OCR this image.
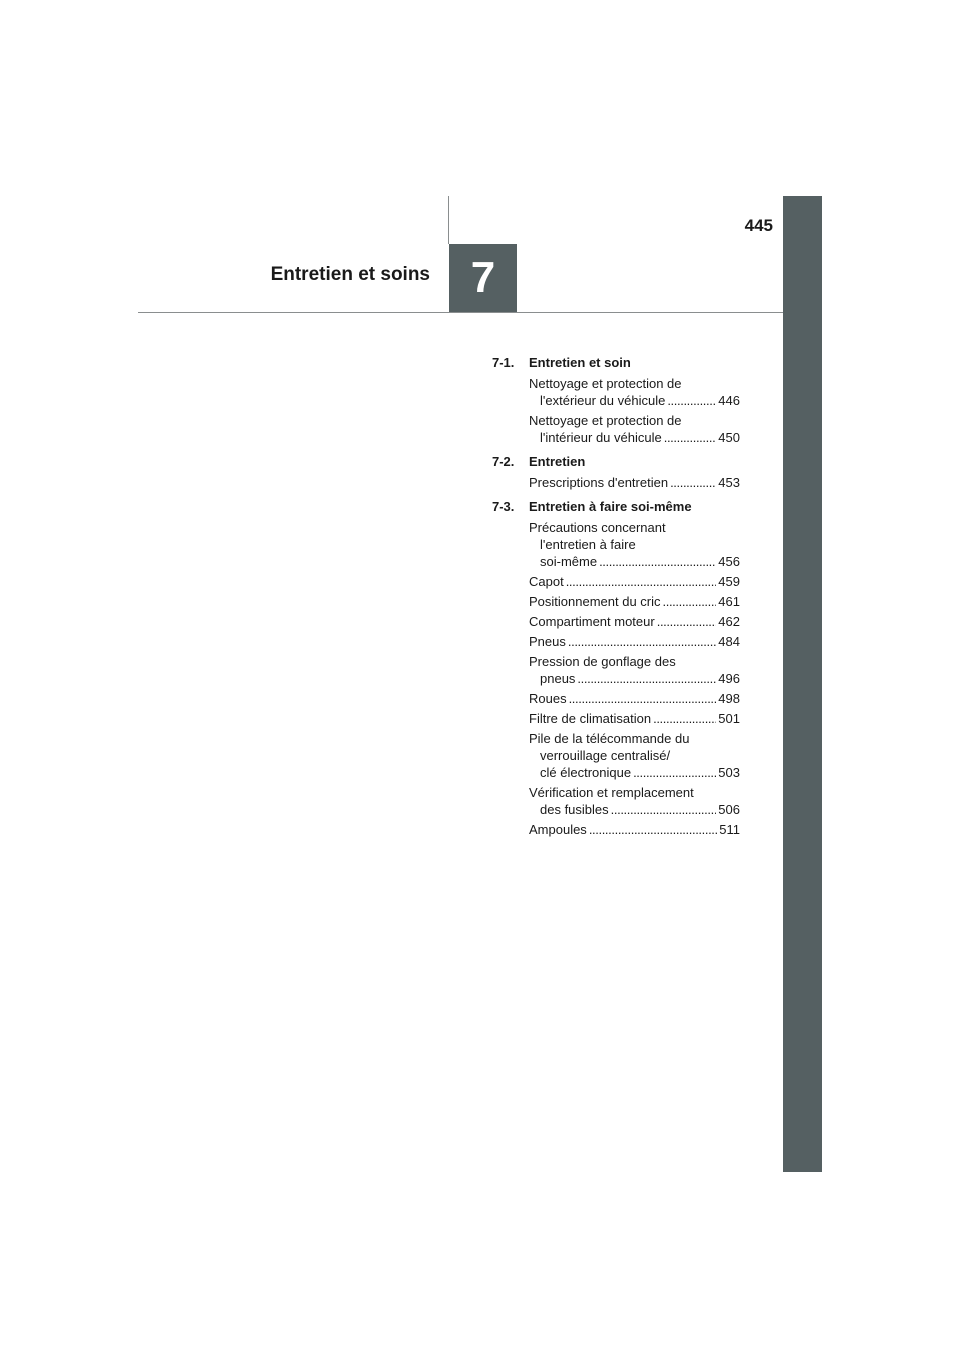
445
Entretien et soins 7
7-1.	Entretien et soin
Nettoyage et protection de
l'extérieur du véhicule . . .	446
Nettoyage et protection de
l'intérieur du véhicule . . .	450
7-2.	Entretien
Prescriptions d'entretien . . .	453
7-3.	Entretien à faire soi-même
Précautions concernant
l'entretien à faire
soi-même . . .	456
Capot . . .	459
Positionnement du cric . . .	461
Compartiment moteur . . .	462
Pneus . . .	484
Pression de gonflage des
pneus . . .	496
Roues . . .	498
Filtre de climatisation . . .	501
Pile de la télécommande du
verrouillage centralisé/
clé électronique . . .	503
Vérification et remplacement
des fusibles . . .	506
Ampoules . . .	511
